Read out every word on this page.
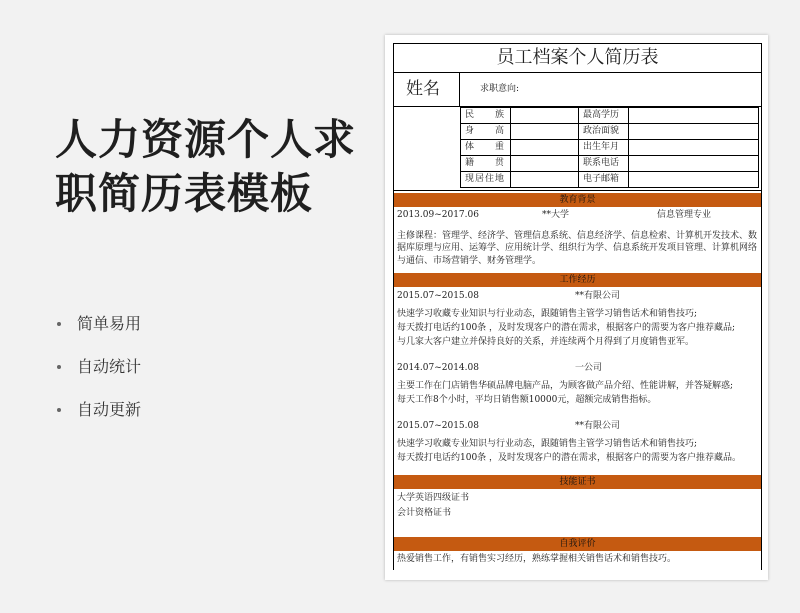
人力资源个人求职简历表模板
简单易用
自动统计
自动更新
员工档案个人简历表
姓名	求职意向:
民　　族		最高学历	
身　　高		政治面貌	
体　　重		出生年月	
籍　　贯		联系电话	
现居住地		电子邮箱	
教育背景
2013.09~2017.06	**大学	信息管理专业

主修课程：管理学、经济学、管理信息系统、信息经济学、信息检索、计算机开发技术、数据库原理与应用、运筹学、应用统计学、组织行为学、信息系统开发项目管理、计算机网络与通信、市场营销学、财务管理学。

工作经历
2015.07~2015.08	**有限公司

快速学习收藏专业知识与行业动态，跟随销售主管学习销售话术和销售技巧;

每天拨打电话约100条 ，及时发现客户的潜在需求，根据客户的需要为客户推荐藏品;

与几家大客户建立并保持良好的关系，并连续两个月得到了月度销售亚军。

2014.07~2014.08	一公司

主要工作在门店销售华硕品牌电脑产品，为顾客做产品介绍、性能讲解，并答疑解惑;

每天工作8个小时，平均日销售额10000元，超额完成销售指标。

2015.07~2015.08	**有限公司

快速学习收藏专业知识与行业动态，跟随销售主管学习销售话术和销售技巧;

每天拨打电话约100条 ，及时发现客户的潜在需求，根据客户的需要为客户推荐藏品。

技能证书

大学英语四级证书

会计资格证书

自我评价

热爱销售工作，有销售实习经历，熟练掌握相关销售话术和销售技巧。
